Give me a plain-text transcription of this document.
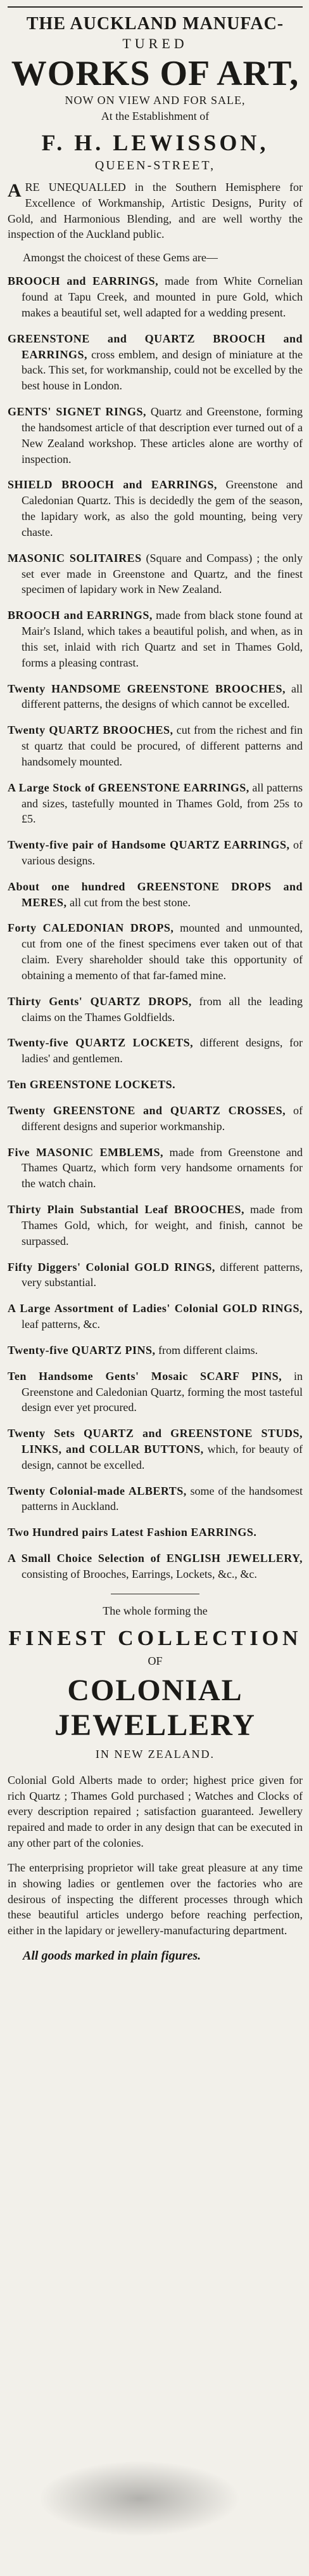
THE AUCKLAND MANUFAC-
TURED
WORKS OF ART,
NOW ON VIEW AND FOR SALE,
At the Establishment of
F. H. LEWISSON,
QUEEN-STREET,

ARE UNEQUALLED in the Southern Hemisphere for Excellence of Workmanship, Artistic Designs, Purity of Gold, and Harmonious Blending, and are well worthy the inspection of the Auckland public.

Amongst the choicest of these Gems are—

BROOCH and EARRINGS, made from White Cornelian found at Tapu Creek, and mounted in pure Gold, which makes a beautiful set, well adapted for a wedding present.

GREENSTONE and QUARTZ BROOCH and EARRINGS, cross emblem, and design of miniature at the back. This set, for workmanship, could not be excelled by the best house in London.

GENTS' SIGNET RINGS, Quartz and Greenstone, forming the handsomest article of that description ever turned out of a New Zealand workshop. These articles alone are worthy of inspection.

SHIELD BROOCH and EARRINGS, Greenstone and Caledonian Quartz. This is decidedly the gem of the season, the lapidary work, as also the gold mounting, being very chaste.

MASONIC SOLITAIRES (Square and Compass) ; the only set ever made in Greenstone and Quartz, and the finest specimen of lapidary work in New Zealand.

BROOCH and EARRINGS, made from black stone found at Mair's Island, which takes a beautiful polish, and when, as in this set, inlaid with rich Quartz and set in Thames Gold, forms a pleasing contrast.

Twenty HANDSOME GREENSTONE BROOCHES, all different patterns, the designs of which cannot be excelled.

Twenty QUARTZ BROOCHES, cut from the richest and fin st quartz that could be procured, of different patterns and handsomely mounted.

A Large Stock of GREENSTONE EARRINGS, all patterns and sizes, tastefully mounted in Thames Gold, from 25s to £5.

Twenty-five pair of Handsome QUARTZ EARRINGS, of various designs.

About one hundred GREENSTONE DROPS and MERES, all cut from the best stone.

Forty CALEDONIAN DROPS, mounted and unmounted, cut from one of the finest specimens ever taken out of that claim. Every shareholder should take this opportunity of obtaining a memento of that far-famed mine.

Thirty Gents' QUARTZ DROPS, from all the leading claims on the Thames Goldfields.

Twenty-five QUARTZ LOCKETS, different designs, for ladies' and gentlemen.

Ten GREENSTONE LOCKETS.

Twenty GREENSTONE and QUARTZ CROSSES, of different designs and superior workmanship.

Five MASONIC EMBLEMS, made from Greenstone and Thames Quartz, which form very handsome ornaments for the watch chain.

Thirty Plain Substantial Leaf BROOCHES, made from Thames Gold, which, for weight, and finish, cannot be surpassed.

Fifty Diggers' Colonial GOLD RINGS, different patterns, very substantial.

A Large Assortment of Ladies' Colonial GOLD RINGS, leaf patterns, &c.

Twenty-five QUARTZ PINS, from different claims.

Ten Handsome Gents' Mosaic SCARF PINS, in Greenstone and Caledonian Quartz, forming the most tasteful design ever yet procured.

Twenty Sets QUARTZ and GREENSTONE STUDS, LINKS, and COLLAR BUTTONS, which, for beauty of design, cannot be excelled.

Twenty Colonial-made ALBERTS, some of the handsomest patterns in Auckland.

Two Hundred pairs Latest Fashion EARRINGS.

A Small Choice Selection of ENGLISH JEWELLERY, consisting of Brooches, Earrings, Lockets, &c., &c.

The whole forming the
FINEST COLLECTION
OF
COLONIAL JEWELLERY
IN NEW ZEALAND.

Colonial Gold Alberts made to order; highest price given for rich Quartz ; Thames Gold purchased ; Watches and Clocks of every description repaired ; satisfaction guaranteed. Jewellery repaired and made to order in any design that can be executed in any other part of the colonies.

The enterprising proprietor will take great pleasure at any time in showing ladies or gentlemen over the factories who are desirous of inspecting the different processes through which these beautiful articles undergo before reaching perfection, either in the lapidary or jewellery-manufacturing department.

All goods marked in plain figures.
